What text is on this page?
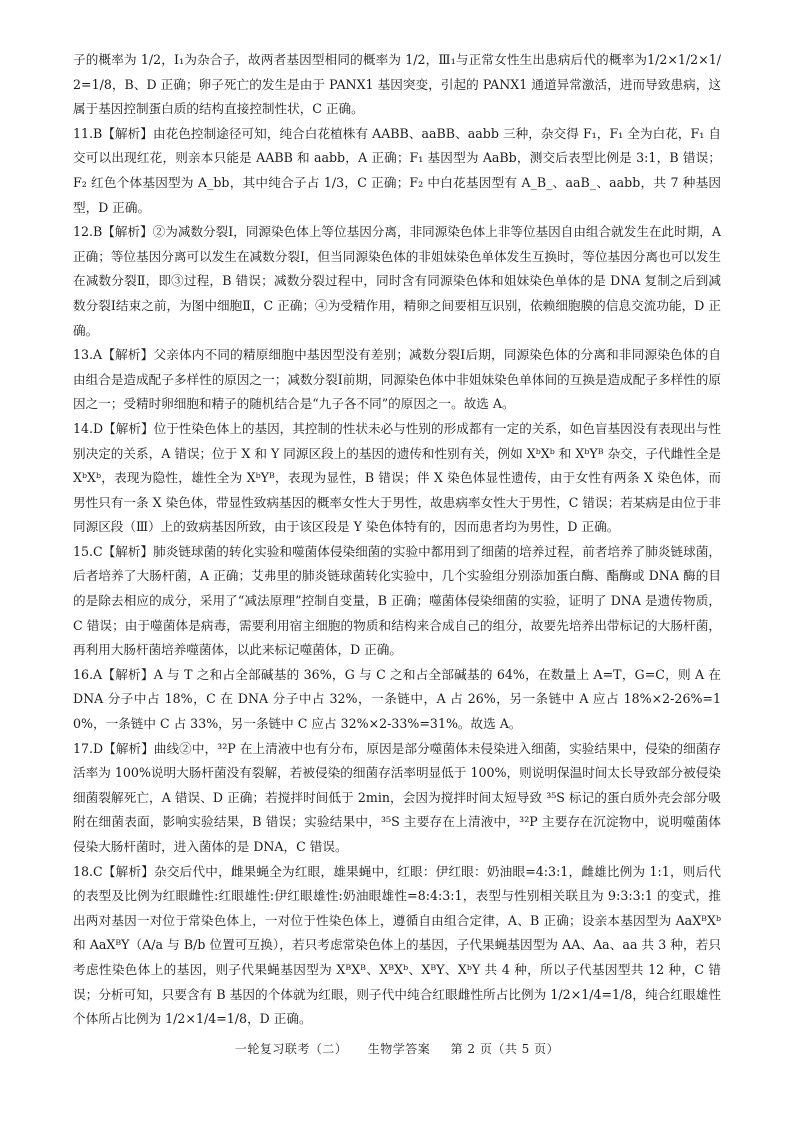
子的概率为 1/2，Ⅰ₁为杂合子，故两者基因型相同的概率为 1/2，Ⅲ₁与正常女性生出患病后代的概率为1/2×1/2×1/2=1/8，B、D 正确；卵子死亡的发生是由于 PANX1 基因突变，引起的 PANX1 通道异常激活，进而导致患病，这属于基因控制蛋白质的结构直接控制性状，C 正确。

11.B【解析】由花色控制途径可知，纯合白花植株有 AABB、aaBB、aabb 三种，杂交得 F₁，F₁ 全为白花，F₁ 自交可以出现红花，则亲本只能是 AABB 和 aabb，A 正确；F₁ 基因型为 AaBb，测交后表型比例是 3:1，B 错误；F₂ 红色个体基因型为 A_bb，其中纯合子占 1/3，C 正确；F₂ 中白花基因型有 A_B_、aaB_、aabb，共 7 种基因型，D 正确。

12.B【解析】②为减数分裂Ⅰ，同源染色体上等位基因分离，非同源染色体上非等位基因自由组合就发生在此时期，A 正确；等位基因分离可以发生在减数分裂Ⅰ，但当同源染色体的非姐妹染色单体发生互换时，等位基因分离也可以发生在减数分裂Ⅱ，即③过程，B 错误；减数分裂过程中，同时含有同源染色体和姐妹染色单体的是 DNA 复制之后到减数分裂Ⅰ结束之前，为图中细胞Ⅱ，C 正确；④为受精作用，精卵之间要相互识别，依赖细胞膜的信息交流功能，D 正确。

13.A【解析】父亲体内不同的精原细胞中基因型没有差别；减数分裂Ⅰ后期，同源染色体的分离和非同源染色体的自由组合是造成配子多样性的原因之一；减数分裂Ⅰ前期，同源染色体中非姐妹染色单体间的互换是造成配子多样性的原因之一；受精时卵细胞和精子的随机结合是“九子各不同”的原因之一。故选 A。

14.D【解析】位于性染色体上的基因，其控制的性状未必与性别的形成都有一定的关系，如色盲基因没有表现出与性别决定的关系，A 错误；位于 X 和 Y 同源区段上的基因的遗传和性别有关，例如 XᵇXᵇ 和 XᵇYᴮ 杂交，子代雌性全是 XᵇXᵇ，表现为隐性，雄性全为 XᵇYᴮ，表现为显性，B 错误；伴 X 染色体显性遗传，由于女性有两条 X 染色体，而男性只有一条 X 染色体，带显性致病基因的概率女性大于男性，故患病率女性大于男性，C 错误；若某病是由位于非同源区段（Ⅲ）上的致病基因所致，由于该区段是 Y 染色体特有的，因而患者均为男性，D 正确。

15.C【解析】肺炎链球菌的转化实验和噬菌体侵染细菌的实验中都用到了细菌的培养过程，前者培养了肺炎链球菌，后者培养了大肠杆菌，A 正确；艾弗里的肺炎链球菌转化实验中，几个实验组分别添加蛋白酶、酯酶或 DNA 酶的目的是除去相应的成分，采用了“减法原理”控制自变量，B 正确；噬菌体侵染细菌的实验，证明了 DNA 是遗传物质，C 错误；由于噬菌体是病毒，需要利用宿主细胞的物质和结构来合成自己的组分，故要先培养出带标记的大肠杆菌，再利用大肠杆菌培养噬菌体，以此来标记噬菌体，D 正确。

16.A【解析】A 与 T 之和占全部碱基的 36%，G 与 C 之和占全部碱基的 64%，在数量上 A=T，G=C，则 A 在 DNA 分子中占 18%，C 在 DNA 分子中占 32%，一条链中，A 占 26%，另一条链中 A 应占 18%×2-26%=10%，一条链中 C 占 33%，另一条链中 C 应占 32%×2-33%=31%。故选 A。

17.D【解析】曲线②中，³²P 在上清液中也有分布，原因是部分噬菌体未侵染进入细菌，实验结果中，侵染的细菌存活率为 100%说明大肠杆菌没有裂解，若被侵染的细菌存活率明显低于 100%，则说明保温时间太长导致部分被侵染细菌裂解死亡，A 错误、D 正确；若搅拌时间低于 2min，会因为搅拌时间太短导致 ³⁵S 标记的蛋白质外壳会部分吸附在细菌表面，影响实验结果，B 错误；实验结果中，³⁵S 主要存在上清液中，³²P 主要存在沉淀物中，说明噬菌体侵染大肠杆菌时，进入菌体的是 DNA，C 错误。

18.C【解析】杂交后代中，雌果蝇全为红眼，雄果蝇中，红眼：伊红眼：奶油眼=4:3:1，雌雄比例为 1:1，则后代的表型及比例为红眼雌性:红眼雄性:伊红眼雄性:奶油眼雄性=8:4:3:1，表型与性别相关联且为 9:3:3:1 的变式，推出两对基因一对位于常染色体上，一对位于性染色体上，遵循自由组合定律，A、B 正确；设亲本基因型为 AaXᴮXᵇ 和 AaXᴮY（A/a 与 B/b 位置可互换），若只考虑常染色体上的基因，子代果蝇基因型为 AA、Aa、aa 共 3 种，若只考虑性染色体上的基因，则子代果蝇基因型为 XᴮXᴮ、XᴮXᵇ、XᴮY、XᵇY 共 4 种，所以子代基因型共 12 种，C 错误；分析可知，只要含有 B 基因的个体就为红眼，则子代中纯合红眼雌性所占比例为 1/2×1/4=1/8，纯合红眼雄性个体所占比例为 1/2×1/4=1/8，D 正确。

一轮复习联考（二） 生物学答案 第 2 页（共 5 页）
